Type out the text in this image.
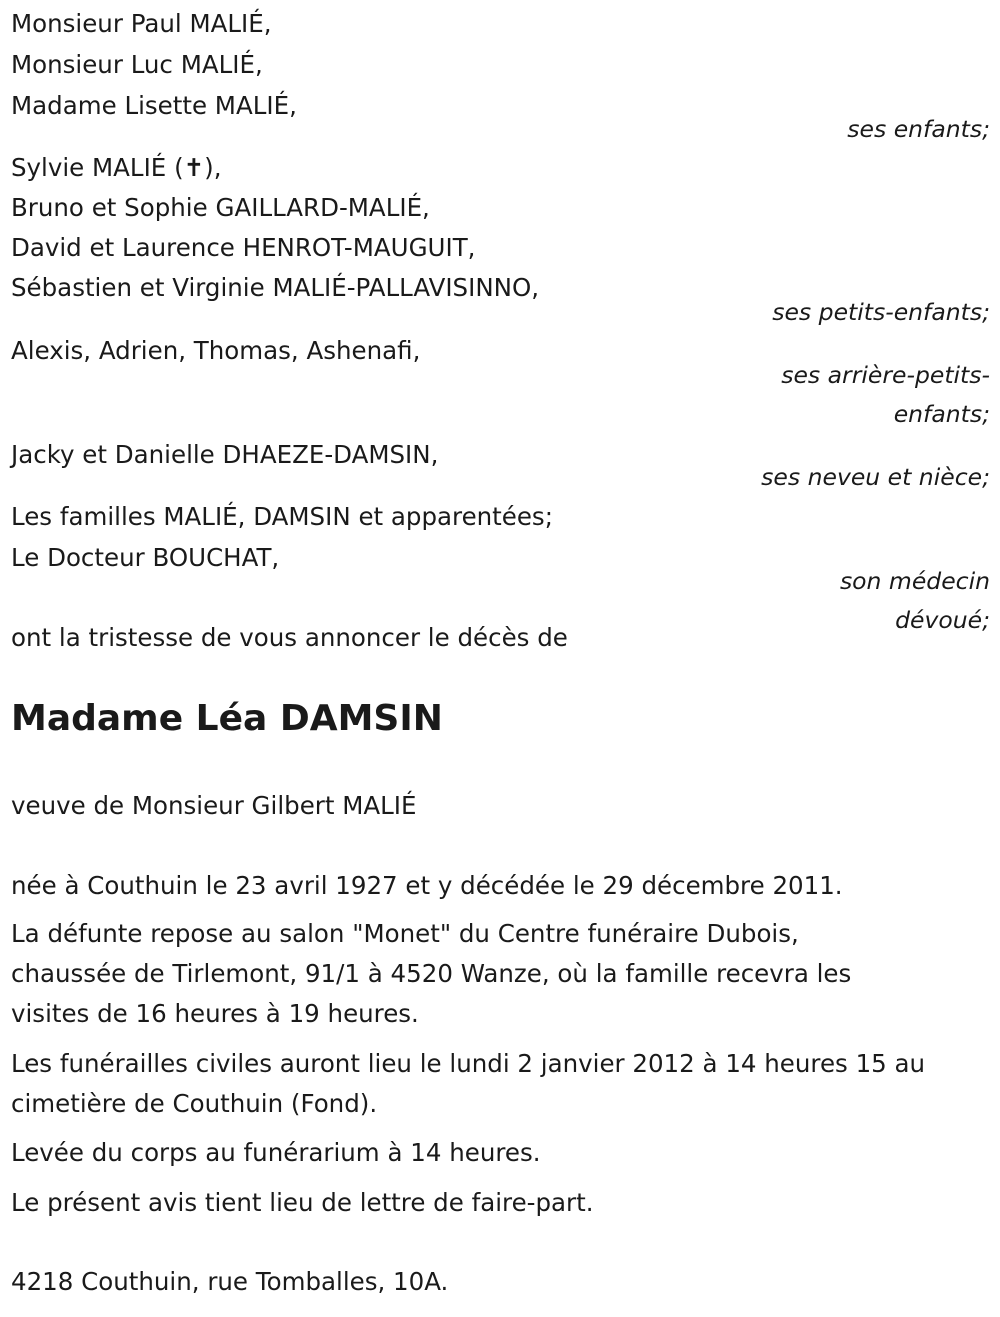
Monsieur Paul MALIÉ,
Monsieur Luc MALIÉ,
Madame Lisette MALIÉ,
ses enfants;
Sylvie MALIÉ (✝),
Bruno et Sophie GAILLARD-MALIÉ,
David et Laurence HENROT-MAUGUIT,
Sébastien et Virginie MALIÉ-PALLAVISINNO,
ses petits-enfants;
Alexis, Adrien, Thomas, Ashenafi,
ses arrière-petits-
enfants;
Jacky et Danielle DHAEZE-DAMSIN,
ses neveu et nièce;
Les familles MALIÉ, DAMSIN et apparentées;
Le Docteur BOUCHAT,
son médecin
dévoué;
ont la tristesse de vous annoncer le décès de
Madame Léa DAMSIN
veuve de Monsieur Gilbert MALIÉ
née à Couthuin le 23 avril 1927 et y décédée le 29 décembre 2011.
La défunte repose au salon "Monet" du Centre funéraire Dubois,
chaussée de Tirlemont, 91/1 à 4520 Wanze, où la famille recevra les
visites de 16 heures à 19 heures.
Les funérailles civiles auront lieu le lundi 2 janvier 2012 à 14 heures 15 au
cimetière de Couthuin (Fond).
Levée du corps au funérarium à 14 heures.
Le présent avis tient lieu de lettre de faire-part.
4218 Couthuin, rue Tomballes, 10A.
